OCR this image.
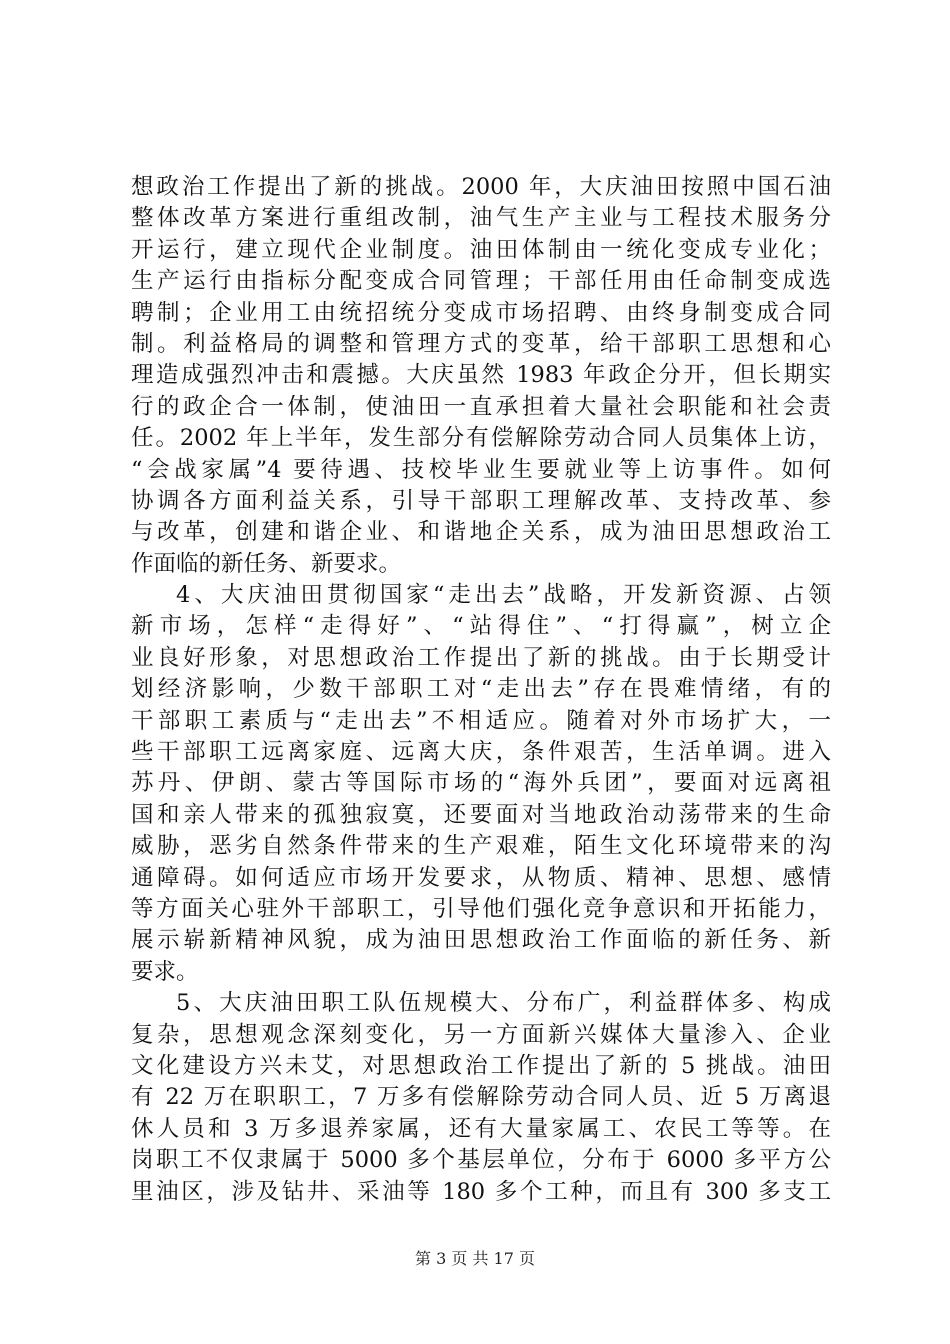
想政治工作提出了新的挑战。2000 年，大庆油田按照中国石油
整体改革方案进行重组改制，油气生产主业与工程技术服务分
开运行，建立现代企业制度。油田体制由一统化变成专业化；
生产运行由指标分配变成合同管理；干部任用由任命制变成选
聘制；企业用工由统招统分变成市场招聘、由终身制变成合同
制。利益格局的调整和管理方式的变革，给干部职工思想和心
理造成强烈冲击和震撼。大庆虽然 1983 年政企分开，但长期实
行的政企合一体制，使油田一直承担着大量社会职能和社会责
任。2002 年上半年，发生部分有偿解除劳动合同人员集体上访，
“会战家属”4 要待遇、技校毕业生要就业等上访事件。如何
协调各方面利益关系，引导干部职工理解改革、支持改革、参
与改革，创建和谐企业、和谐地企关系，成为油田思想政治工
作面临的新任务、新要求。
4、大庆油田贯彻国家“走出去”战略，开发新资源、占领
新市场，怎样“走得好”、“站得住”、“打得赢”，树立企
业良好形象，对思想政治工作提出了新的挑战。由于长期受计
划经济影响，少数干部职工对“走出去”存在畏难情绪，有的
干部职工素质与“走出去”不相适应。随着对外市场扩大，一
些干部职工远离家庭、远离大庆，条件艰苦，生活单调。进入
苏丹、伊朗、蒙古等国际市场的“海外兵团”，要面对远离祖
国和亲人带来的孤独寂寞，还要面对当地政治动荡带来的生命
威胁，恶劣自然条件带来的生产艰难，陌生文化环境带来的沟
通障碍。如何适应市场开发要求，从物质、精神、思想、感情
等方面关心驻外干部职工，引导他们强化竞争意识和开拓能力，
展示崭新精神风貌，成为油田思想政治工作面临的新任务、新
要求。
5、大庆油田职工队伍规模大、分布广，利益群体多、构成
复杂，思想观念深刻变化，另一方面新兴媒体大量渗入、企业
文化建设方兴未艾，对思想政治工作提出了新的 5 挑战。油田
有 22 万在职职工，7 万多有偿解除劳动合同人员、近 5 万离退
休人员和 3 万多退养家属，还有大量家属工、农民工等等。在
岗职工不仅隶属于 5000 多个基层单位，分布于 6000 多平方公
里油区，涉及钻井、采油等 180 多个工种，而且有 300 多支工
第 3 页 共 17 页
